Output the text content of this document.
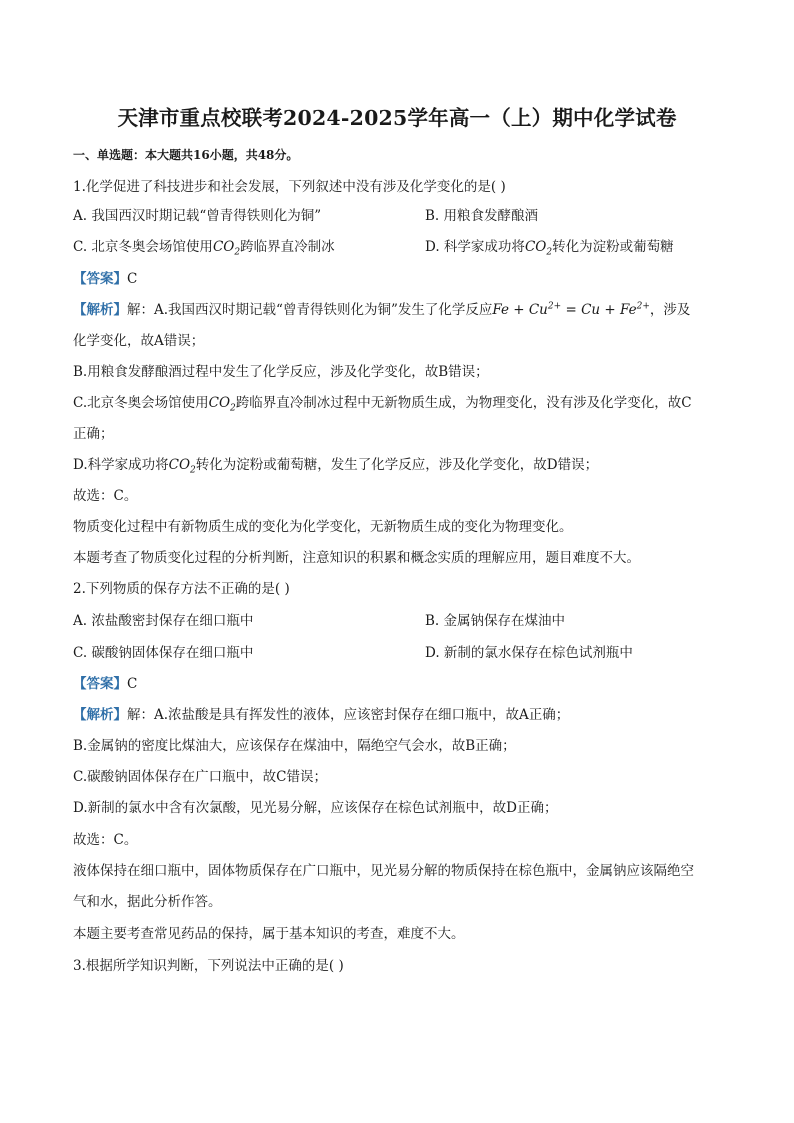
天津市重点校联考2024-2025学年高一（上）期中化学试卷
一、单选题：本大题共16小题，共48分。
1.化学促进了科技进步和社会发展，下列叙述中没有涉及化学变化的是( )
A. 我国西汉时期记载“曾青得铁则化为铜”	B. 用粮食发酵酿酒
C. 北京冬奥会场馆使用$CO_2$跨临界直冷制冰	D. 科学家成功将$CO_2$转化为淀粉或葡萄糖
【答案】C
【解析】解：A.我国西汉时期记载“曾青得铁则化为铜”发生了化学反应$Fe + Cu^{2+} = Cu + Fe^{2+}$，涉及
化学变化，故A错误；
B.用粮食发酵酿酒过程中发生了化学反应，涉及化学变化，故B错误；
C.北京冬奥会场馆使用$CO_2$跨临界直冷制冰过程中无新物质生成，为物理变化，没有涉及化学变化，故C
正确；
D.科学家成功将$CO_2$转化为淀粉或葡萄糖，发生了化学反应，涉及化学变化，故D错误；
故选：C。
物质变化过程中有新物质生成的变化为化学变化，无新物质生成的变化为物理变化。
本题考查了物质变化过程的分析判断，注意知识的积累和概念实质的理解应用，题目难度不大。
2.下列物质的保存方法不正确的是( )
A. 浓盐酸密封保存在细口瓶中	B. 金属钠保存在煤油中
C. 碳酸钠固体保存在细口瓶中	D. 新制的氯水保存在棕色试剂瓶中
【答案】C
【解析】解：A.浓盐酸是具有挥发性的液体，应该密封保存在细口瓶中，故A正确；
B.金属钠的密度比煤油大，应该保存在煤油中，隔绝空气会水，故B正确；
C.碳酸钠固体保存在广口瓶中，故C错误；
D.新制的氯水中含有次氯酸，见光易分解，应该保存在棕色试剂瓶中，故D正确；
故选：C。
液体保持在细口瓶中，固体物质保存在广口瓶中，见光易分解的物质保持在棕色瓶中，金属钠应该隔绝空
气和水，据此分析作答。
本题主要考查常见药品的保持，属于基本知识的考查，难度不大。
3.根据所学知识判断，下列说法中正确的是( )
